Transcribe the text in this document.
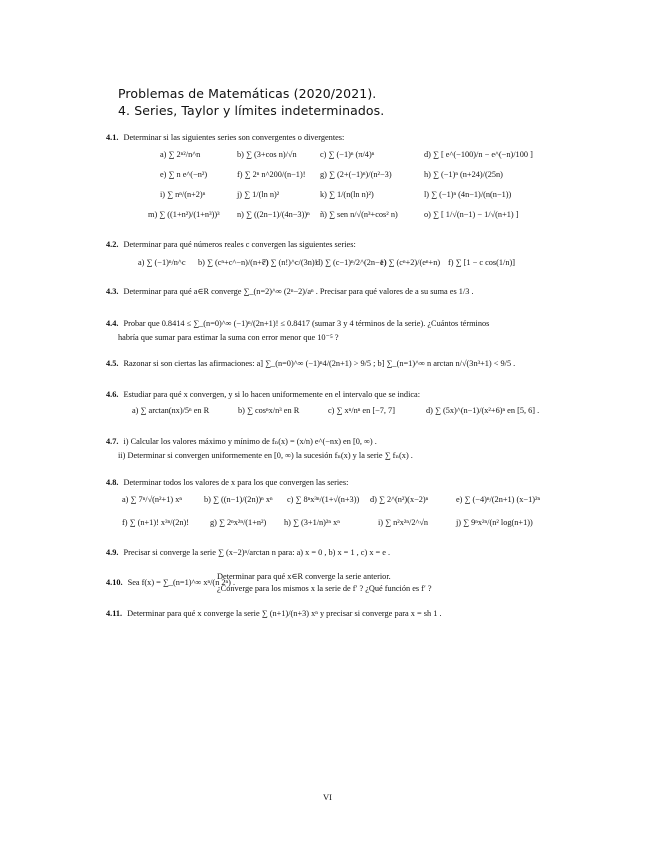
Problemas de Matemáticas (2020/2021).
4. Series, Taylor y límites indeterminados.
4.1. Determinar si las siguientes series son convergentes o divergentes:
a) ∑ 2ⁿ²/n^n	b) ∑ (3+cos n)/√n	c) ∑ (−1)ⁿ (π/4)ⁿ	d) ∑ [ e^(−100)/n − e^(−n)/100 ]
e) ∑ n e^(−n²)	f) ∑ 2ⁿ n^200/(n−1)! g) ∑ (2+(−1)ⁿ)/(n²−3)	h) ∑ (−1)ⁿ (n+24)/(25n)
i) ∑ nⁿ/(n+2)ⁿ	j) ∑ 1/(ln n)²	k) ∑ 1/(n(ln n)²)	l) ∑ (−1)ⁿ (4n−1)/(n(n−1))
m) ∑ ((1+n²)/(1+n³))³ n) ∑ ((2n−1)/(4n−3))ⁿ ñ) ∑ sen n/√(n³+cos² n)	o) ∑ [ 1/√(n−1) − 1/√(n+1) ]
4.2. Determinar para qué números reales c convergen las siguientes series:
a) ∑ (−1)ⁿ/n^c b) ∑ (cⁿ+c^−n)/(n+7)
c) ∑ (n!)^c/(3n)!
d) ∑ (c−1)ⁿ/2^(2n−1)
e) ∑ (cⁿ+2)/(eⁿ+n) f) ∑ [1 − c cos(1/n)]
4.3. Determinar para qué a∈R converge ∑_(n=2)^∞ (2ⁿ−2)/aⁿ . Precisar para qué valores de a su suma es 1/3 .
4.4. Probar que 0.8414 ≤ ∑_(n=0)^∞ (−1)ⁿ/(2n+1)! ≤ 0.8417 (sumar 3 y 4 términos de la serie). ¿Cuántos términos
habría que sumar para estimar la suma con error menor que 10⁻⁵ ?
4.5. Razonar si son ciertas las afirmaciones: a] ∑_(n=0)^∞ (−1)ⁿ4/(2n+1) > 9/5 ; b] ∑_(n=1)^∞ n arctan n/√(3n³+1) < 9/5 .
4.6. Estudiar para qué x convergen, y si lo hacen uniformemente en el intervalo que se indica:
a) ∑ arctan(nx)/5ⁿ en R	b) ∑ cosⁿx/n³ en R	c) ∑ xⁿ/nⁿ en [−7, 7]	d) ∑ (5x)^(n−1)/(x²+6)ⁿ en [5, 6] .
4.7. i) Calcular los valores máximo y mínimo de fₙ(x) = (x/n) e^(−nx) en [0, ∞) .
ii) Determinar si convergen uniformemente en [0, ∞) la sucesión fₙ(x) y la serie ∑ fₙ(x) .
4.8. Determinar todos los valores de x para los que convergen las series:
a) ∑ 7ⁿ/√(n²+1) xⁿ	b) ∑ ((n−1)/(2n))ⁿ xⁿ c) ∑ 8ⁿx³ⁿ/(1+√(n+3)) d) ∑ 2^(n²)(x−2)ⁿ	e) ∑ (−4)ⁿ/(2n+1) (x−1)²ⁿ
f) ∑ (n+1)! x³ⁿ/(2n)!	g) ∑ 2ⁿx²ⁿ/(1+n²) h) ∑ (3+1/n)²ⁿ xⁿ	i) ∑ n²x²ⁿ/2^√n	j) ∑ 9ⁿx²ⁿ/(n² log(n+1))
4.9. Precisar si converge la serie ∑ (x−2)ⁿ/arctan n para: a) x = 0 , b) x = 1 , c) x = e .
4.10. Sea f(x) = ∑_(n=1)^∞ xⁿ/(n 2ⁿ) .
Determinar para qué x∈R converge la serie anterior.
¿Converge para los mismos x la serie de f′ ? ¿Qué función es f′ ?
4.11. Determinar para qué x converge la serie ∑ (n+1)/(n+3) xⁿ y precisar si converge para x = sh 1 .
VI
